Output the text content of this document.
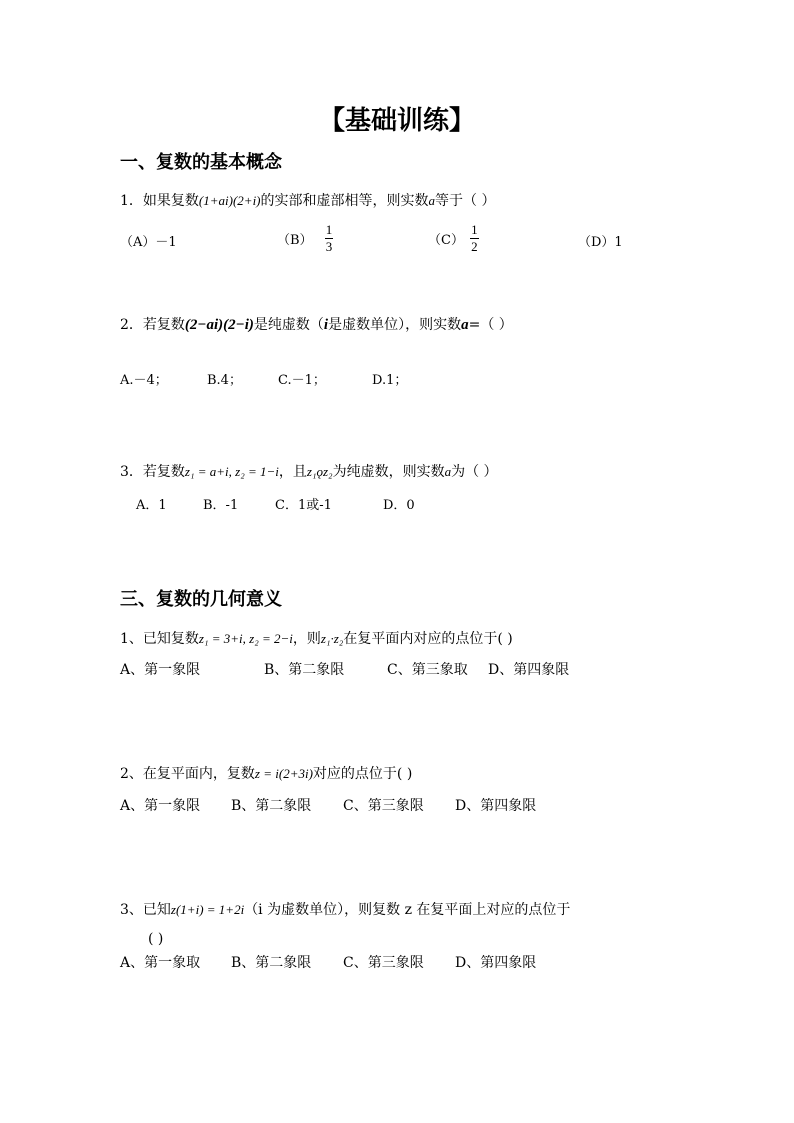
【基础训练】
一、复数的基本概念
1．如果复数(1+ai)(2+i)的实部和虚部相等，则实数a等于（ ）
（A）－1	$(B) \frac{1}{3}$	$(C) \frac{1}{2}$	（D）1
2．若复数(2−ai)(2−i)是纯虚数（i是虚数单位），则实数a=（ ）
A.－4；	B.4；	C.－1；	D.1；
3．若复数z₁ = a+i, z₂ = 1−i，且z₁ǫz₂为纯虚数，则实数a为（ ）
A．1	B．-1	C．1或-1	D．0
三、复数的几何意义
1、已知复数z₁ = 3+i, z₂ = 2−i，则z₁·z₂在复平面内对应的点位于( )
A、第一象限	B、第二象限	C、第三象取 D、第四象限
2、在复平面内，复数z = i(2+3i)对应的点位于( )
A、第一象限 B、第二象限 C、第三象限 D、第四象限
3、已知z(1+i) = 1+2i（i 为虚数单位），则复数 z 在复平面上对应的点位于
( )
A、第一象取 B、第二象限 C、第三象限 D、第四象限
